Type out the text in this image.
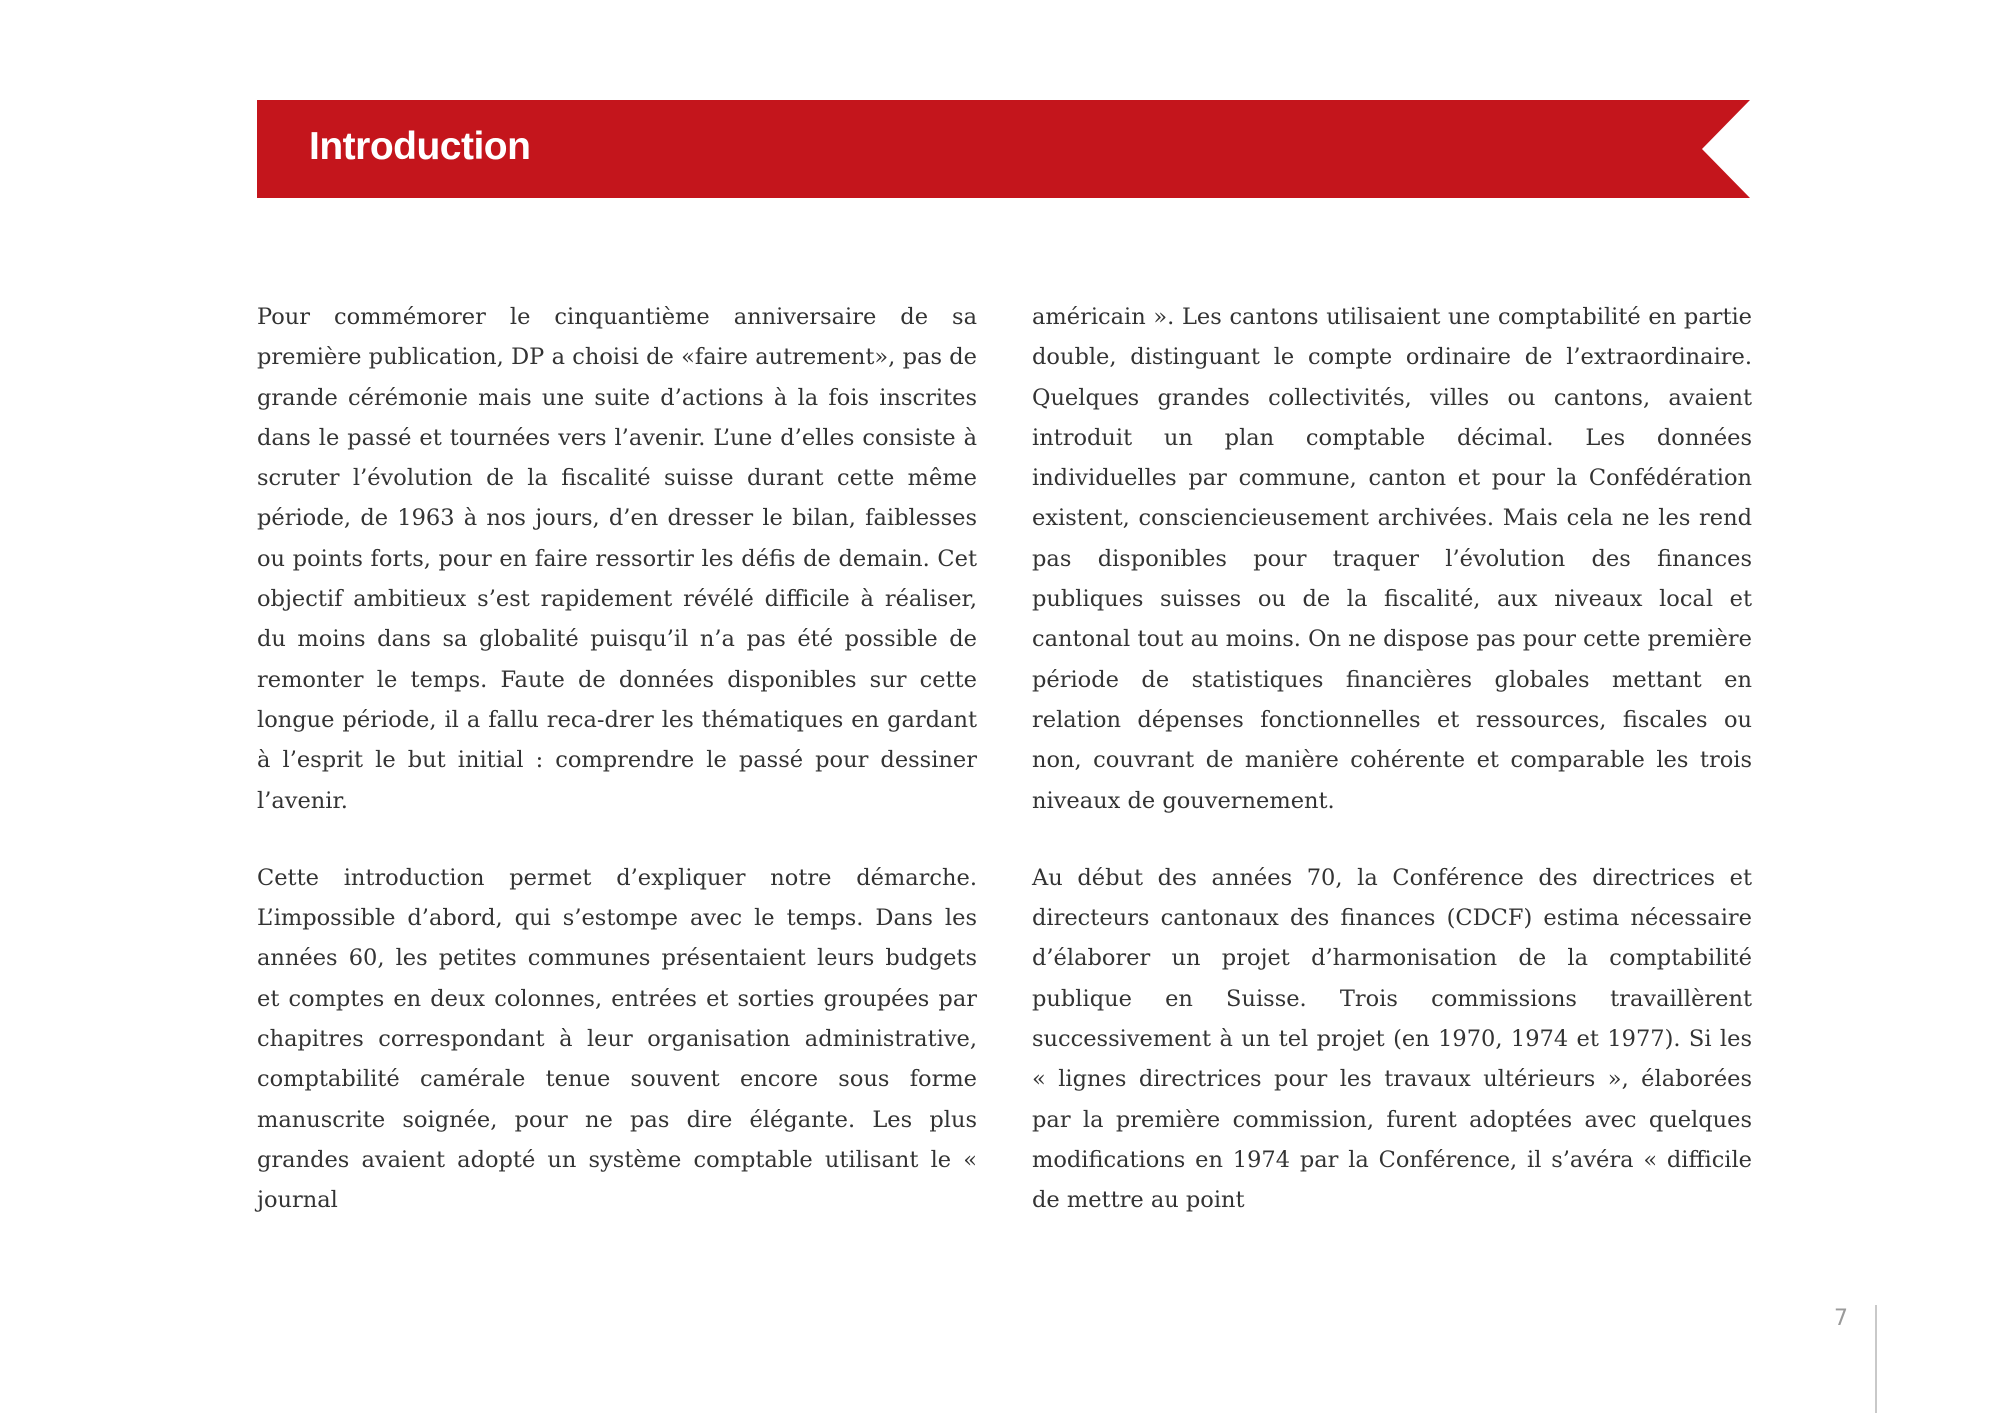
Introduction

Pour commémorer le cinquantième anniversaire de sa première publication, DP a choisi de «faire autrement», pas de grande cérémonie mais une suite d’actions à la fois inscrites dans le passé et tournées vers l’avenir. L’une d’elles consiste à scruter l’évolution de la fiscalité suisse durant cette même période, de 1963 à nos jours, d’en dresser le bilan, faiblesses ou points forts, pour en faire ressortir les défis de demain. Cet objectif ambitieux s’est rapidement révélé difficile à réaliser, du moins dans sa globalité puisqu’il n’a pas été possible de remonter le temps. Faute de données disponibles sur cette longue période, il a fallu reca-drer les thématiques en gardant à l’esprit le but initial : comprendre le passé pour dessiner l’avenir.

Cette introduction permet d’expliquer notre démarche. L’impossible d’abord, qui s’estompe avec le temps. Dans les années 60, les petites communes présentaient leurs budgets et comptes en deux colonnes, entrées et sorties groupées par chapitres correspondant à leur organisation administrative, comptabilité camérale tenue souvent encore sous forme manuscrite soignée, pour ne pas dire élégante. Les plus grandes avaient adopté un système comptable utilisant le « journal

américain ». Les cantons utilisaient une comptabilité en partie double, distinguant le compte ordinaire de l’extraordinaire. Quelques grandes collectivités, villes ou cantons, avaient introduit un plan comptable décimal. Les données individuelles par commune, canton et pour la Confédération existent, consciencieusement archivées. Mais cela ne les rend pas disponibles pour traquer l’évolution des finances publiques suisses ou de la fiscalité, aux niveaux local et cantonal tout au moins. On ne dispose pas pour cette première période de statistiques financières globales mettant en relation dépenses fonctionnelles et ressources, fiscales ou non, couvrant de manière cohérente et comparable les trois niveaux de gouvernement.

Au début des années 70, la Conférence des directrices et directeurs cantonaux des finances (CDCF) estima nécessaire d’élaborer un projet d’harmonisation de la comptabilité publique en Suisse. Trois commissions travaillèrent successivement à un tel projet (en 1970, 1974 et 1977). Si les « lignes directrices pour les travaux ultérieurs », élaborées par la première commission, furent adoptées avec quelques modifications en 1974 par la Conférence, il s’avéra « difficile de mettre au point

7
